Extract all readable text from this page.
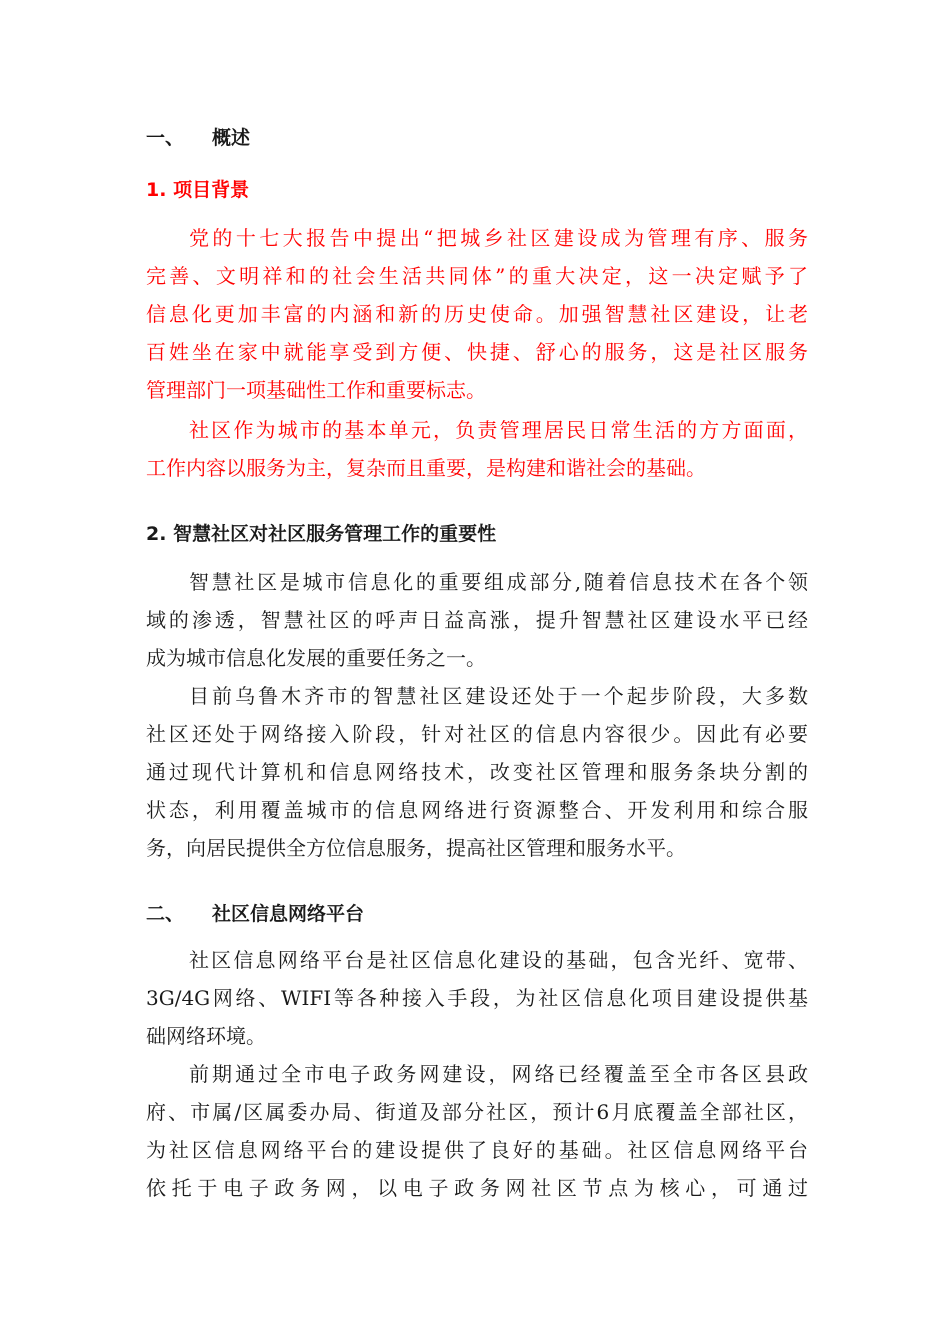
一、 概述
1. 项目背景
党的十七大报告中提出“把城乡社区建设成为管理有序、服务
完善、文明祥和的社会生活共同体”的重大决定，这一决定赋予了
信息化更加丰富的内涵和新的历史使命。加强智慧社区建设，让老
百姓坐在家中就能享受到方便、快捷、舒心的服务，这是社区服务
管理部门一项基础性工作和重要标志。
社区作为城市的基本单元，负责管理居民日常生活的方方面面，
工作内容以服务为主，复杂而且重要，是构建和谐社会的基础。
2. 智慧社区对社区服务管理工作的重要性
智慧社区是城市信息化的重要组成部分,随着信息技术在各个领
域的渗透，智慧社区的呼声日益高涨，提升智慧社区建设水平已经
成为城市信息化发展的重要任务之一。
目前乌鲁木齐市的智慧社区建设还处于一个起步阶段，大多数
社区还处于网络接入阶段，针对社区的信息内容很少。因此有必要
通过现代计算机和信息网络技术，改变社区管理和服务条块分割的
状态，利用覆盖城市的信息网络进行资源整合、开发利用和综合服
务，向居民提供全方位信息服务，提高社区管理和服务水平。
二、 社区信息网络平台
社区信息网络平台是社区信息化建设的基础，包含光纤、宽带、
3G/4G网络、WIFI等各种接入手段，为社区信息化项目建设提供基
础网络环境。
前期通过全市电子政务网建设，网络已经覆盖至全市各区县政
府、市属/区属委办局、街道及部分社区，预计6月底覆盖全部社区，
为社区信息网络平台的建设提供了良好的基础。社区信息网络平台
依托于电子政务网，以电子政务网社区节点为核心，可通过
